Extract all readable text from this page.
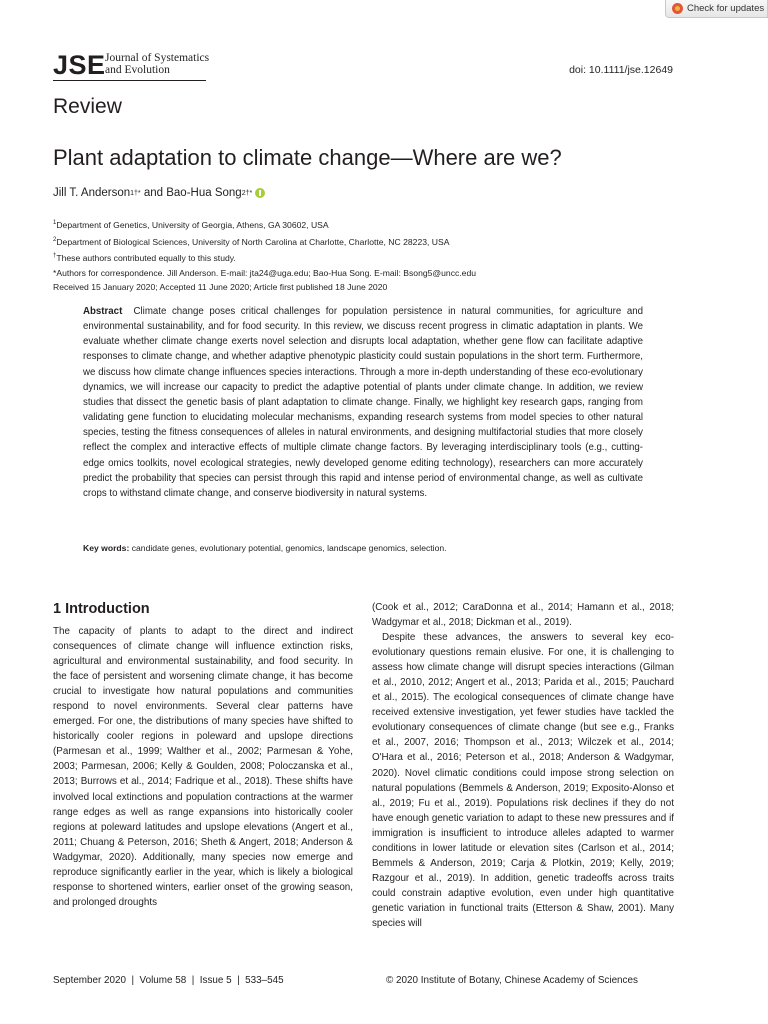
Check for updates
JSE Journal of Systematics
and Evolution	doi: 10.1111/jse.12649
Review
Plant adaptation to climate change—Where are we?
Jill T. Anderson 1†* and Bao-Hua Song 2†*
$^1$Department of Genetics, University of Georgia, Athens, GA 30602, USA
$^2$Department of Biological Sciences, University of North Carolina at Charlotte, Charlotte, NC 28223, USA
†These authors contributed equally to this study.
*Authors for correspondence. Jill Anderson. E-mail: jta24@uga.edu; Bao-Hua Song. E-mail: Bsong5@uncc.edu
Received 15 January 2020; Accepted 11 June 2020; Article first published 18 June 2020
Abstract Climate change poses critical challenges for population persistence in natural communities, for agriculture and environmental sustainability, and for food security. In this review, we discuss recent progress in climatic adaptation in plants. We evaluate whether climate change exerts novel selection and disrupts local adaptation, whether gene flow can facilitate adaptive responses to climate change, and whether adaptive phenotypic plasticity could sustain populations in the short term. Furthermore, we discuss how climate change influences species interactions. Through a more in-depth understanding of these eco-evolutionary dynamics, we will increase our capacity to predict the adaptive potential of plants under climate change. In addition, we review studies that dissect the genetic basis of plant adaptation to climate change. Finally, we highlight key research gaps, ranging from validating gene function to elucidating molecular mechanisms, expanding research systems from model species to other natural species, testing the fitness consequences of alleles in natural environments, and designing multifactorial studies that more closely reflect the complex and interactive effects of multiple climate change factors. By leveraging interdisciplinary tools (e.g., cutting-edge omics toolkits, novel ecological strategies, newly developed genome editing technology), researchers can more accurately predict the probability that species can persist through this rapid and intense period of environmental change, as well as cultivate crops to withstand climate change, and conserve biodiversity in natural systems.
Key words: candidate genes, evolutionary potential, genomics, landscape genomics, selection.
1 Introduction
The capacity of plants to adapt to the direct and indirect consequences of climate change will influence extinction risks, agricultural and environmental sustainability, and food security. In the face of persistent and worsening climate change, it has become crucial to investigate how natural populations and communities respond to novel environments. Several clear patterns have emerged. For one, the distributions of many species have shifted to historically cooler regions in poleward and upslope directions (Parmesan et al., 1999; Walther et al., 2002; Parmesan & Yohe, 2003; Parmesan, 2006; Kelly & Goulden, 2008; Poloczanska et al., 2013; Burrows et al., 2014; Fadrique et al., 2018). These shifts have involved local extinctions and population contractions at the warmer range edges as well as range expansions into historically cooler regions at poleward latitudes and upslope elevations (Angert et al., 2011; Chuang & Peterson, 2016; Sheth & Angert, 2018; Anderson & Wadgymar, 2020). Additionally, many species now emerge and reproduce significantly earlier in the year, which is likely a biological response to shortened winters, earlier onset of the growing season, and prolonged droughts
(Cook et al., 2012; CaraDonna et al., 2014; Hamann et al., 2018; Wadgymar et al., 2018; Dickman et al., 2019).
Despite these advances, the answers to several key eco-evolutionary questions remain elusive. For one, it is challenging to assess how climate change will disrupt species interactions (Gilman et al., 2010, 2012; Angert et al., 2013; Parida et al., 2015; Pauchard et al., 2015). The ecological consequences of climate change have received extensive investigation, yet fewer studies have tackled the evolutionary consequences of climate change (but see e.g., Franks et al., 2007, 2016; Thompson et al., 2013; Wilczek et al., 2014; O'Hara et al., 2016; Peterson et al., 2018; Anderson & Wadgymar, 2020). Novel climatic conditions could impose strong selection on natural populations (Bemmels & Anderson, 2019; Exposito-Alonso et al., 2019; Fu et al., 2019). Populations risk declines if they do not have enough genetic variation to adapt to these new pressures and if immigration is insufficient to introduce alleles adapted to warmer conditions in lower latitude or elevation sites (Carlson et al., 2014; Bemmels & Anderson, 2019; Carja & Plotkin, 2019; Kelly, 2019; Razgour et al., 2019). In addition, genetic tradeoffs across traits could constrain adaptive evolution, even under high quantitative genetic variation in functional traits (Etterson & Shaw, 2001). Many species will
September 2020  |  Volume 58  |  Issue 5  |  533–545	© 2020 Institute of Botany, Chinese Academy of Sciences
